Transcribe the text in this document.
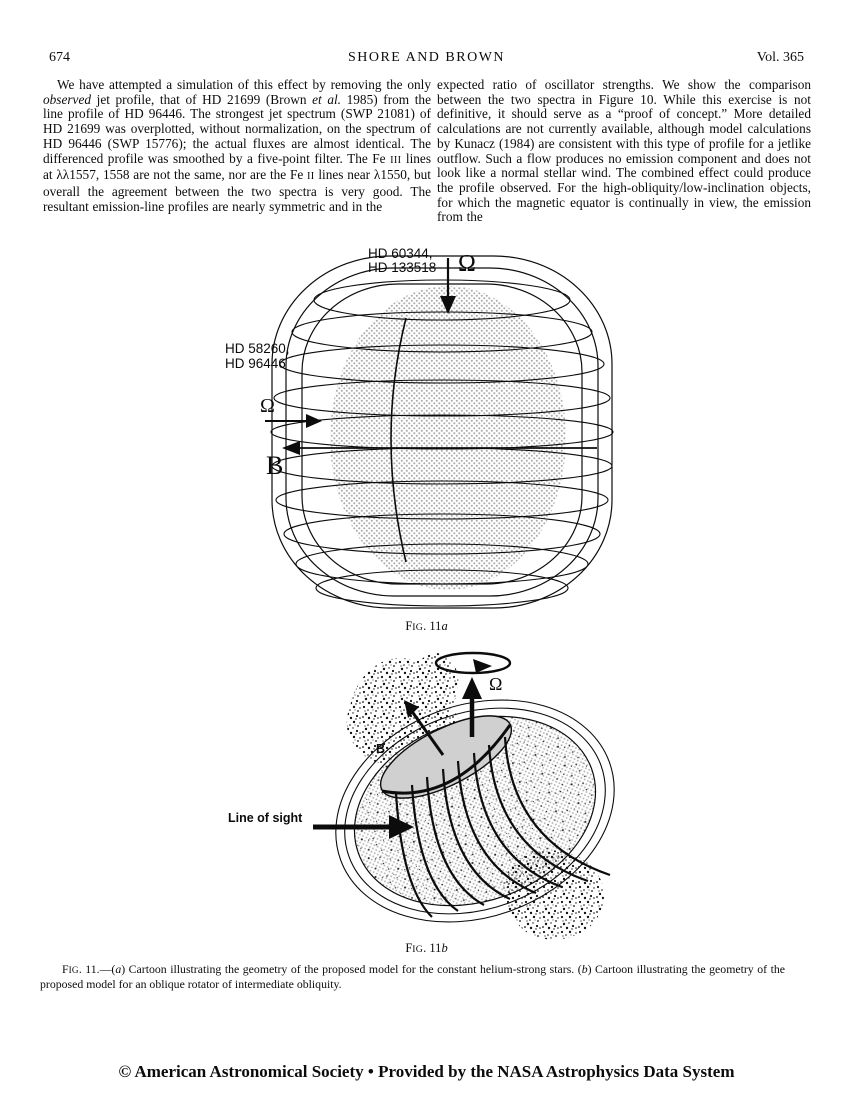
674	SHORE AND BROWN	Vol. 365
We have attempted a simulation of this effect by removing the only observed jet profile, that of HD 21699 (Brown et al. 1985) from the line profile of HD 96446. The strongest jet spectrum (SWP 21081) of HD 21699 was overplotted, without normalization, on the spectrum of HD 96446 (SWP 15776); the actual fluxes are almost identical. The differenced profile was smoothed by a five-point filter. The Fe III lines at λλ1557, 1558 are not the same, nor are the Fe II lines near λ1550, but overall the agreement between the two spectra is very good. The resultant emission-line profiles are nearly symmetric and in the
expected ratio of oscillator strengths. We show the comparison between the two spectra in Figure 10. While this exercise is not definitive, it should serve as a “proof of concept.” More detailed calculations are not currently available, although model calculations by Kunacz (1984) are consistent with this type of profile for a jetlike outflow. Such a flow produces no emission component and does not look like a normal stellar wind. The combined effect could produce the profile observed. For the high-obliquity/low-inclination objects, for which the magnetic equator is continually in view, the emission from the
HD 60344,
HD 133518 Ω
HD 58260,
HD 96446
Ω
B
FIG. 11a
Ω
B
Line of sight
FIG. 11b
FIG. 11.—(a) Cartoon illustrating the geometry of the proposed model for the constant helium-strong stars. (b) Cartoon illustrating the geometry of the proposed model for an oblique rotator of intermediate obliquity.
© American Astronomical Society • Provided by the NASA Astrophysics Data System
